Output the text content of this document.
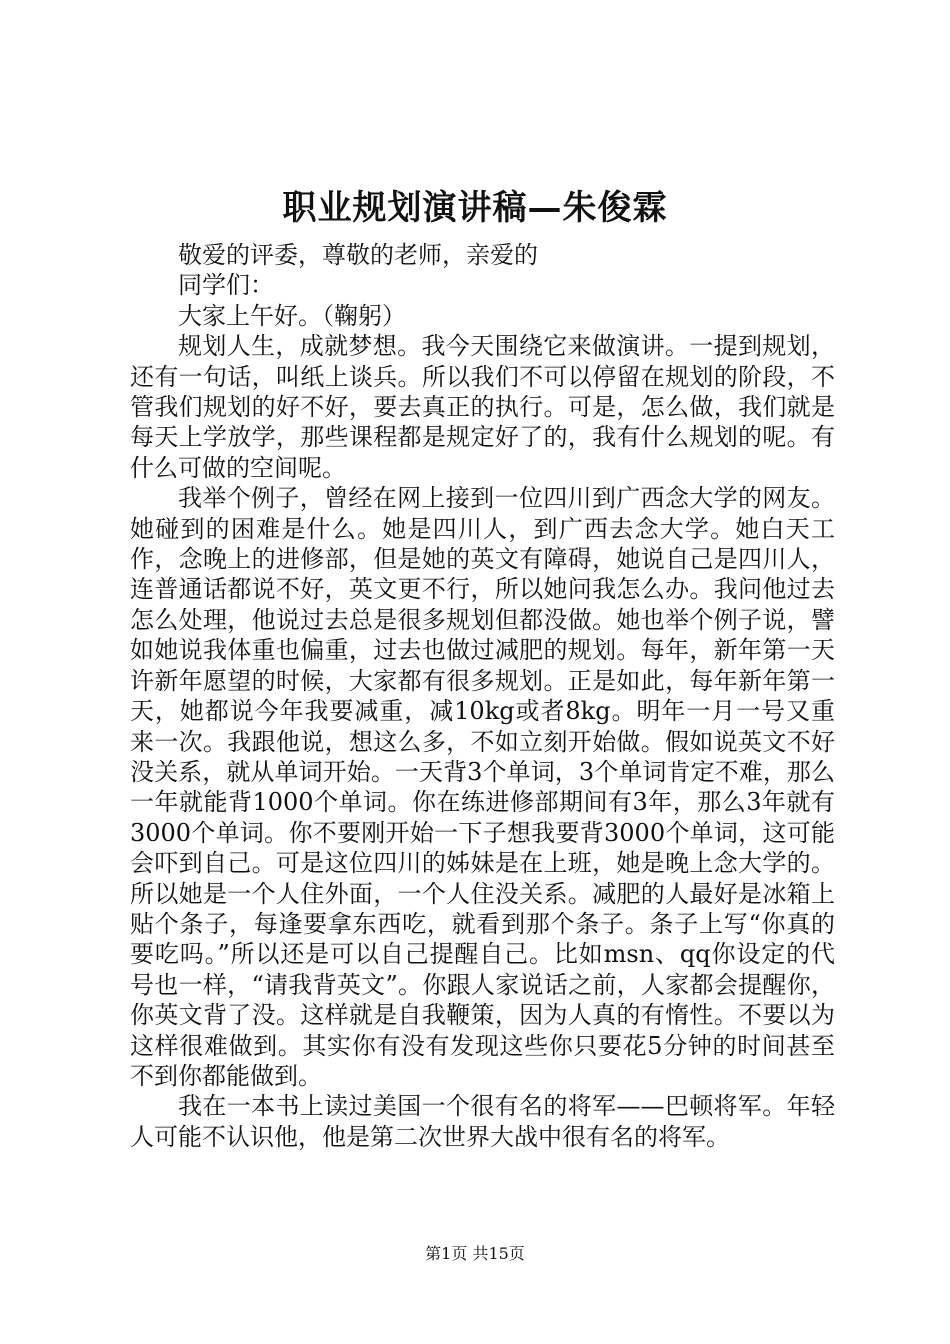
职业规划演讲稿—朱俊霖

敬爱的评委，尊敬的老师，亲爱的

同学们：

大家上午好。（鞠躬）

规划人生，成就梦想。我今天围绕它来做演讲。一提到规划，还有一句话，叫纸上谈兵。所以我们不可以停留在规划的阶段，不管我们规划的好不好，要去真正的执行。可是，怎么做，我们就是每天上学放学，那些课程都是规定好了的，我有什么规划的呢。有什么可做的空间呢。

我举个例子，曾经在网上接到一位四川到广西念大学的网友。她碰到的困难是什么。她是四川人，到广西去念大学。她白天工作，念晚上的进修部，但是她的英文有障碍，她说自己是四川人，连普通话都说不好，英文更不行，所以她问我怎么办。我问他过去怎么处理，他说过去总是很多规划但都没做。她也举个例子说，譬如她说我体重也偏重，过去也做过减肥的规划。每年，新年第一天许新年愿望的时候，大家都有很多规划。正是如此，每年新年第一天，她都说今年我要减重，减10kg或者8kg。明年一月一号又重来一次。我跟他说，想这么多，不如立刻开始做。假如说英文不好没关系，就从单词开始。一天背3个单词，3个单词肯定不难，那么一年就能背1000个单词。你在练进修部期间有3年，那么3年就有3000个单词。你不要刚开始一下子想我要背3000个单词，这可能会吓到自己。可是这位四川的姊妹是在上班，她是晚上念大学的。所以她是一个人住外面，一个人住没关系。减肥的人最好是冰箱上贴个条子，每逢要拿东西吃，就看到那个条子。条子上写“你真的要吃吗。”所以还是可以自己提醒自己。比如msn、qq你设定的代号也一样，“请我背英文”。你跟人家说话之前，人家都会提醒你，你英文背了没。这样就是自我鞭策，因为人真的有惰性。不要以为这样很难做到。其实你有没有发现这些你只要花5分钟的时间甚至不到你都能做到。

我在一本书上读过美国一个很有名的将军——巴顿将军。年轻人可能不认识他，他是第二次世界大战中很有名的将军。

第1页 共15页
